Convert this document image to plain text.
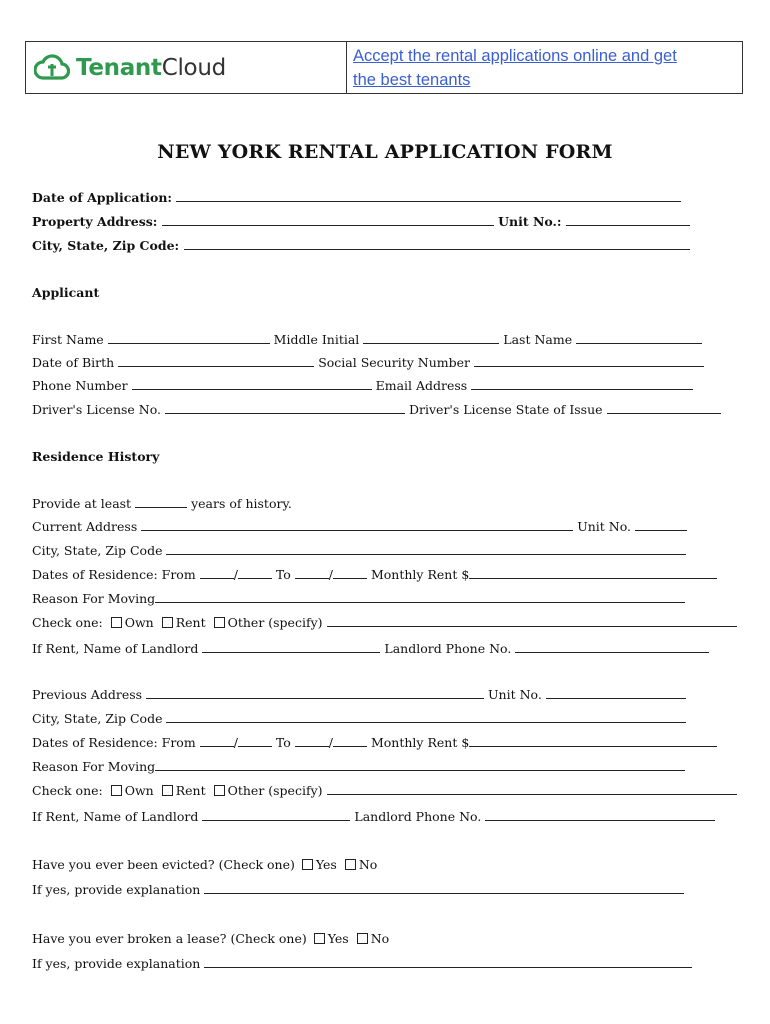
TenantCloud	Accept the rental applications online and get
the best tenants
NEW YORK RENTAL APPLICATION FORM
Date of Application:
Property Address:	Unit No.:
City, State, Zip Code:
Applicant
First Name	Middle Initial	Last Name
Date of Birth	Social Security Number
Phone Number	Email Address
Driver's License No.	Driver's License State of Issue
Residence History
Provide at least	years of history.
Current Address	Unit No.
City, State, Zip Code
Dates of Residence: From	/	To	/	Monthly Rent $
Reason For Moving
Check one: Own Rent Other (specify)
If Rent, Name of Landlord	Landlord Phone No.
Previous Address	Unit No.
City, State, Zip Code
Dates of Residence: From	/	To	/	Monthly Rent $
Reason For Moving
Check one: Own Rent Other (specify)
If Rent, Name of Landlord	Landlord Phone No.
Have you ever been evicted? (Check one) Yes No
If yes, provide explanation
Have you ever broken a lease? (Check one) Yes No
If yes, provide explanation
